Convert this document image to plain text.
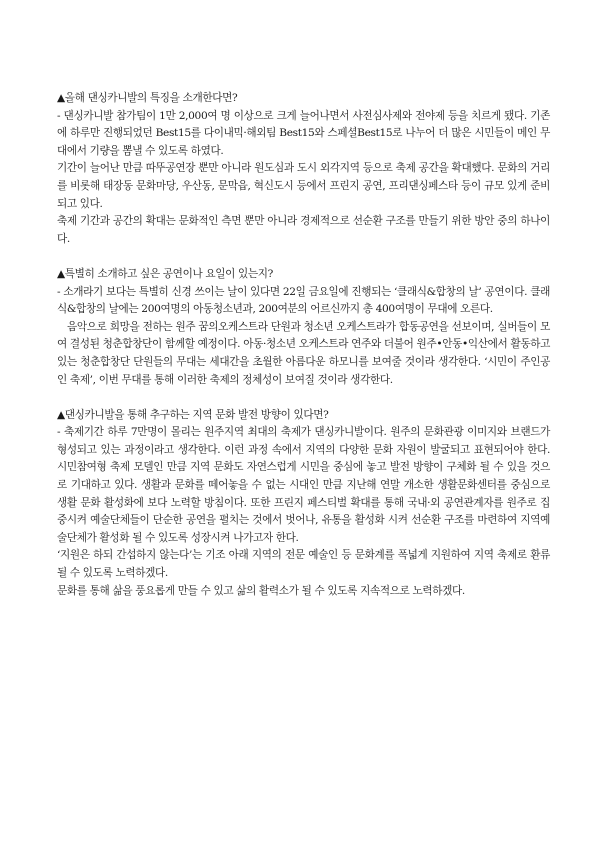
▲올해 댄싱카니발의 특징을 소개한다면?

- 댄싱카니발 참가팀이 1만 2,000여 명 이상으로 크게 늘어나면서 사전심사제와 전야제 등을 치르게 됐다. 기존에 하루만 진행되었던 Best15를 다이내믹·해외팀 Best15와 스페셜Best15로 나누어 더 많은 시민들이 메인 무대에서 기량을 뽐낼 수 있도록 하였다.

기간이 늘어난 만큼 따뚜공연장 뿐만 아니라 원도심과 도시 외각지역 등으로 축제 공간을 확대했다. 문화의 거리를 비롯해 태장동 문화마당, 우산동, 문막읍, 혁신도시 등에서 프린지 공연, 프리댄싱페스타 등이 규모 있게 준비되고 있다.

축제 기간과 공간의 확대는 문화적인 측면 뿐만 아니라 경제적으로 선순환 구조를 만들기 위한 방안 중의 하나이다.

▲특별히 소개하고 싶은 공연이나 요일이 있는지?

- 소개라기 보다는 특별히 신경 쓰이는 날이 있다면 22일 금요일에 진행되는 ‘클래식&합창의 날’ 공연이다. 클래식&합창의 날에는 200여명의 아동청소년과, 200여분의 어르신까지 총 400여명이 무대에 오른다.

음악으로 희망을 전하는 원주 꿈의오케스트라 단원과 청소년 오케스트라가 합동공연을 선보이며, 실버들이 모여 결성된 청춘합창단이 함께할 예정이다. 아동·청소년 오케스트라 연주와 더불어 원주•안동•익산에서 활동하고 있는 청춘합창단 단원들의 무대는 세대간을 초월한 아름다운 하모니를 보여줄 것이라 생각한다. ‘시민이 주인공인 축제’, 이번 무대를 통해 이러한 축제의 정체성이 보여질 것이라 생각한다.

▲댄싱카니발을 통해 추구하는 지역 문화 발전 방향이 있다면?

- 축제기간 하루 7만명이 몰리는 원주지역 최대의 축제가 댄싱카니발이다. 원주의 문화관광 이미지와 브랜드가 형성되고 있는 과정이라고 생각한다. 이런 과정 속에서 지역의 다양한 문화 자원이 발굴되고 표현되어야 한다. 시민참여형 축제 모델인 만큼 지역 문화도 자연스럽게 시민을 중심에 놓고 발전 방향이 구체화 될 수 있을 것으로 기대하고 있다. 생활과 문화를 떼어놓을 수 없는 시대인 만큼 지난해 연말 개소한 생활문화센터를 중심으로 생활 문화 활성화에 보다 노력할 방침이다. 또한 프린지 페스티벌 확대를 통해 국내·외 공연관계자를 원주로 집중시켜 예술단체들이 단순한 공연을 펼치는 것에서 벗어나, 유통을 활성화 시켜 선순환 구조를 마련하여 지역예술단체가 활성화 될 수 있도록 성장시켜 나가고자 한다.

‘지원은 하되 간섭하지 않는다’는 기조 아래 지역의 전문 예술인 등 문화계를 폭넓게 지원하여 지역 축제로 환류 될 수 있도록 노력하겠다.

문화를 통해 삶을 풍요롭게 만들 수 있고 삶의 활력소가 될 수 있도록 지속적으로 노력하겠다.
